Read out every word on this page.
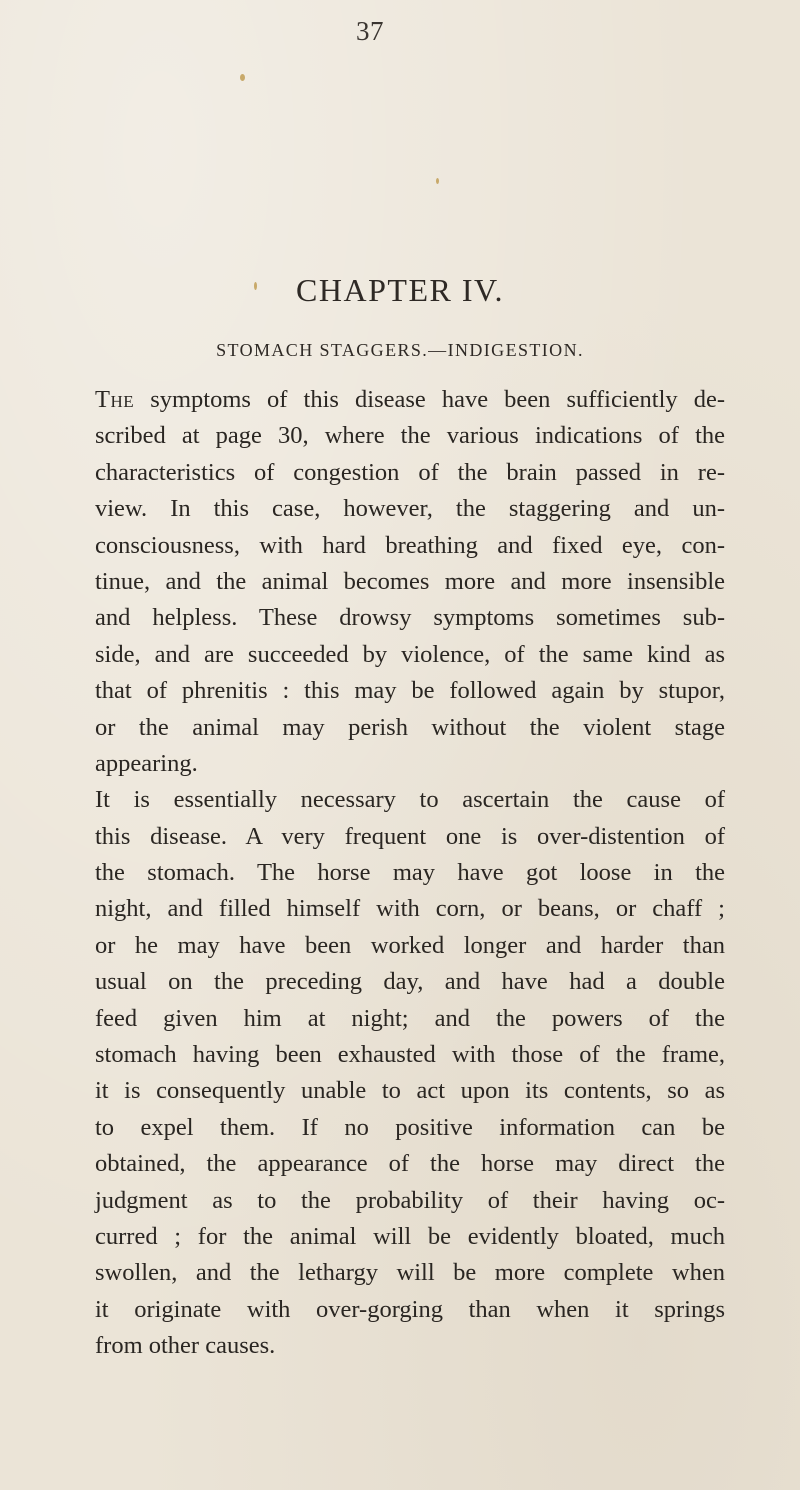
37
CHAPTER IV.
STOMACH STAGGERS.—INDIGESTION.
The symptoms of this disease have been sufficiently de-
scribed at page 30, where the various indications of the
characteristics of congestion of the brain passed in re-
view. In this case, however, the staggering and un-
consciousness, with hard breathing and fixed eye, con-
tinue, and the animal becomes more and more insensible
and helpless. These drowsy symptoms sometimes sub-
side, and are succeeded by violence, of the same kind as
that of phrenitis : this may be followed again by stupor,
or the animal may perish without the violent stage
appearing.
It is essentially necessary to ascertain the cause of
this disease. A very frequent one is over-distention of
the stomach. The horse may have got loose in the
night, and filled himself with corn, or beans, or chaff ;
or he may have been worked longer and harder than
usual on the preceding day, and have had a double
feed given him at night; and the powers of the
stomach having been exhausted with those of the frame,
it is consequently unable to act upon its contents, so as
to expel them. If no positive information can be
obtained, the appearance of the horse may direct the
judgment as to the probability of their having oc-
curred ; for the animal will be evidently bloated, much
swollen, and the lethargy will be more complete when
it originate with over-gorging than when it springs
from other causes.
